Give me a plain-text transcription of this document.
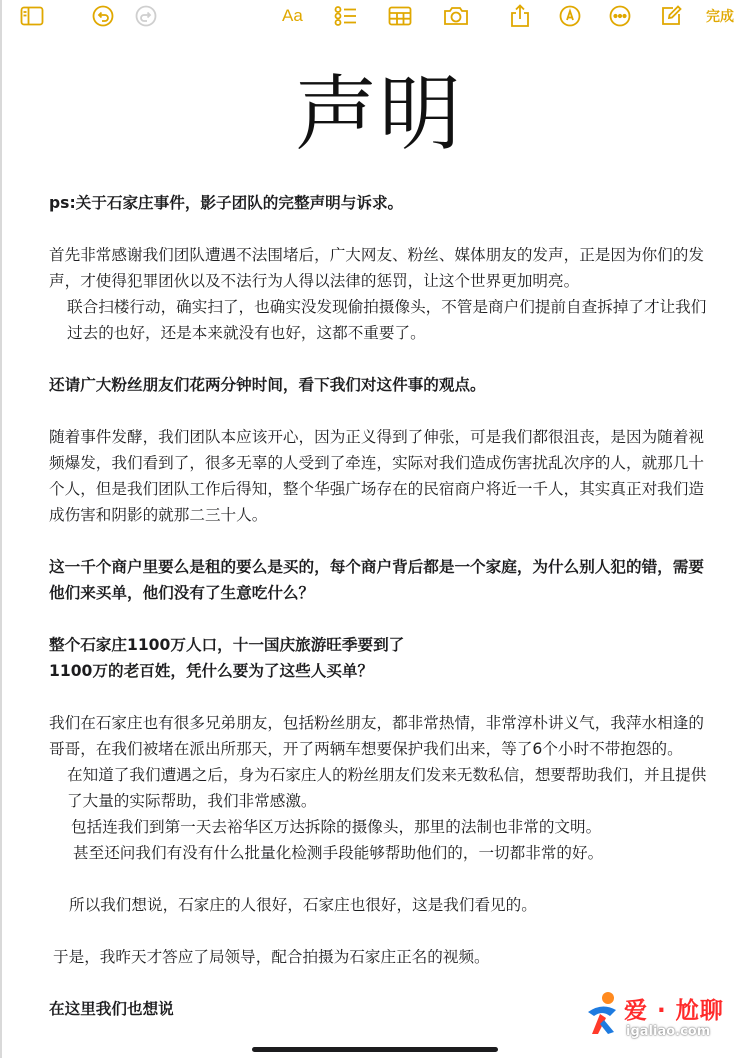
Aa	完成
声明

ps:关于石家庄事件，影子团队的完整声明与诉求。

首先非常感谢我们团队遭遇不法围堵后，广大网友、粉丝、媒体朋友的发声，正是因为你们的发声，才使得犯罪团伙以及不法行为人得以法律的惩罚，让这个世界更加明亮。

联合扫楼行动，确实扫了，也确实没发现偷拍摄像头，不管是商户们提前自查拆掉了才让我们过去的也好，还是本来就没有也好，这都不重要了。

还请广大粉丝朋友们花两分钟时间，看下我们对这件事的观点。

随着事件发酵，我们团队本应该开心，因为正义得到了伸张，可是我们都很沮丧，是因为随着视频爆发，我们看到了，很多无辜的人受到了牵连，实际对我们造成伤害扰乱次序的人，就那几十个人，但是我们团队工作后得知，整个华强广场存在的民宿商户将近一千人，其实真正对我们造成伤害和阴影的就那二三十人。

这一千个商户里要么是租的要么是买的，每个商户背后都是一个家庭，为什么别人犯的错，需要他们来买单，他们没有了生意吃什么？

整个石家庄1100万人口，十一国庆旅游旺季要到了

1100万的老百姓，凭什么要为了这些人买单？

我们在石家庄也有很多兄弟朋友，包括粉丝朋友，都非常热情，非常淳朴讲义气，我萍水相逢的哥哥，在我们被堵在派出所那天，开了两辆车想要保护我们出来，等了6个小时不带抱怨的。

在知道了我们遭遇之后，身为石家庄人的粉丝朋友们发来无数私信，想要帮助我们，并且提供了大量的实际帮助，我们非常感激。

包括连我们到第一天去裕华区万达拆除的摄像头，那里的法制也非常的文明。

甚至还问我们有没有什么批量化检测手段能够帮助他们的，一切都非常的好。

所以我们想说，石家庄的人很好，石家庄也很好，这是我们看见的。

于是，我昨天才答应了局领导，配合拍摄为石家庄正名的视频。

在这里我们也想说	爱 · 尬聊
igaliao.com
